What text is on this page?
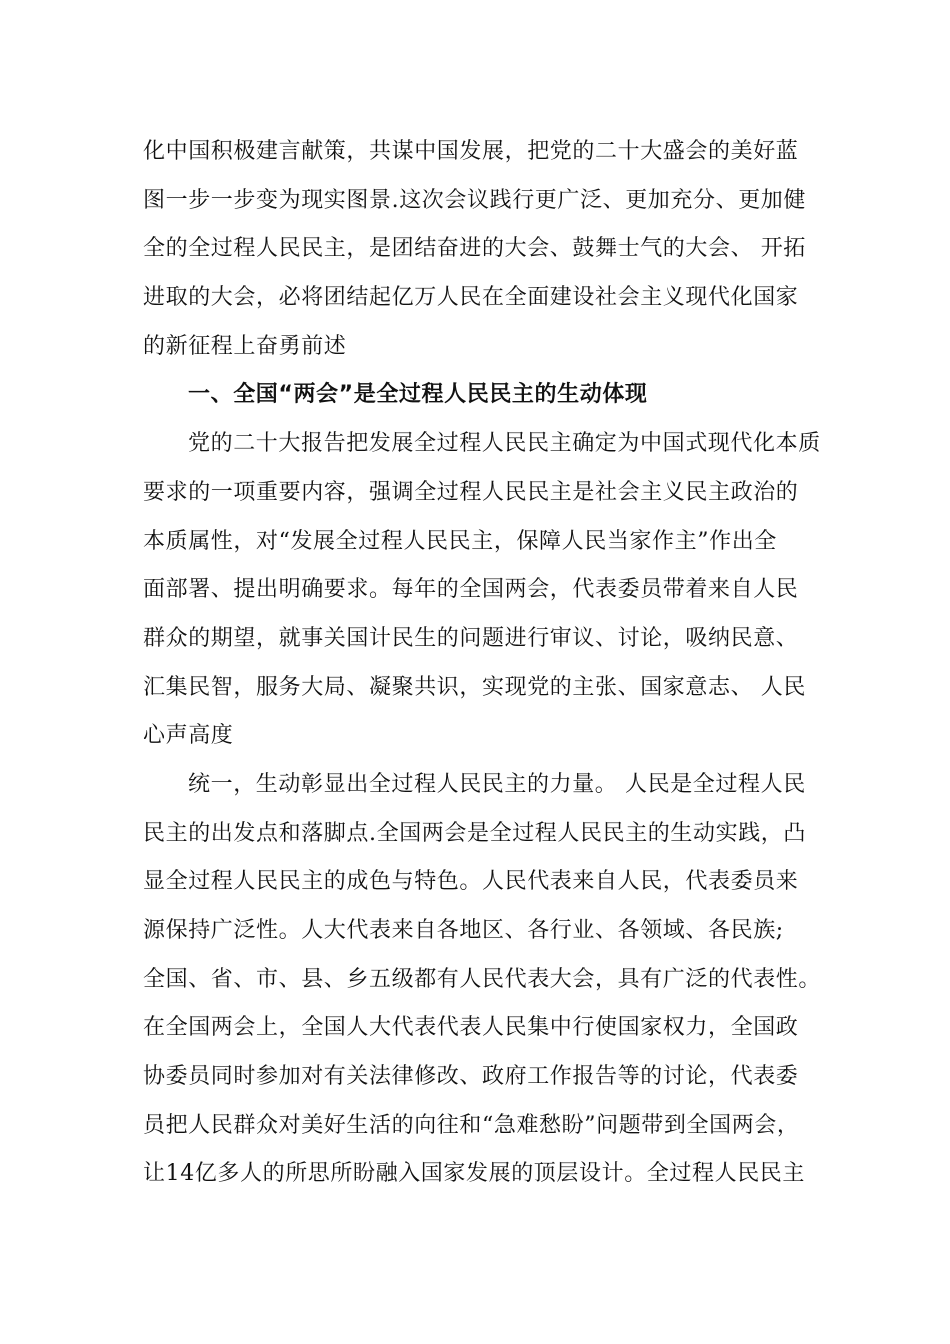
化中国积极建言献策，共谋中国发展，把党的二十大盛会的美好蓝
图一步一步变为现实图景.这次会议践行更广泛、更加充分、更加健
全的全过程人民民主，是团结奋进的大会、鼓舞士气的大会、 开拓
进取的大会，必将团结起亿万人民在全面建设社会主义现代化国家
的新征程上奋勇前述
一、全国“两会”是全过程人民民主的生动体现
党的二十大报告把发展全过程人民民主确定为中国式现代化本质
要求的一项重要内容，强调全过程人民民主是社会主义民主政治的
本质属性，对“发展全过程人民民主，保障人民当家作主”作出全
面部署、提出明确要求。每年的全国两会，代表委员带着来自人民
群众的期望，就事关国计民生的问题进行审议、讨论，吸纳民意、
汇集民智，服务大局、凝聚共识，实现党的主张、国家意志、 人民
心声高度
统一，生动彰显出全过程人民民主的力量。 人民是全过程人民
民主的出发点和落脚点.全国两会是全过程人民民主的生动实践，凸
显全过程人民民主的成色与特色。人民代表来自人民，代表委员来
源保持广泛性。人大代表来自各地区、各行业、各领域、各民族;
全国、省、市、县、乡五级都有人民代表大会，具有广泛的代表性。
在全国两会上，全国人大代表代表人民集中行使国家权力，全国政
协委员同时参加对有关法律修改、政府工作报告等的讨论，代表委
员把人民群众对美好生活的向往和“急难愁盼”问题带到全国两会，
让14亿多人的所思所盼融入国家发展的顶层设计。全过程人民民主
